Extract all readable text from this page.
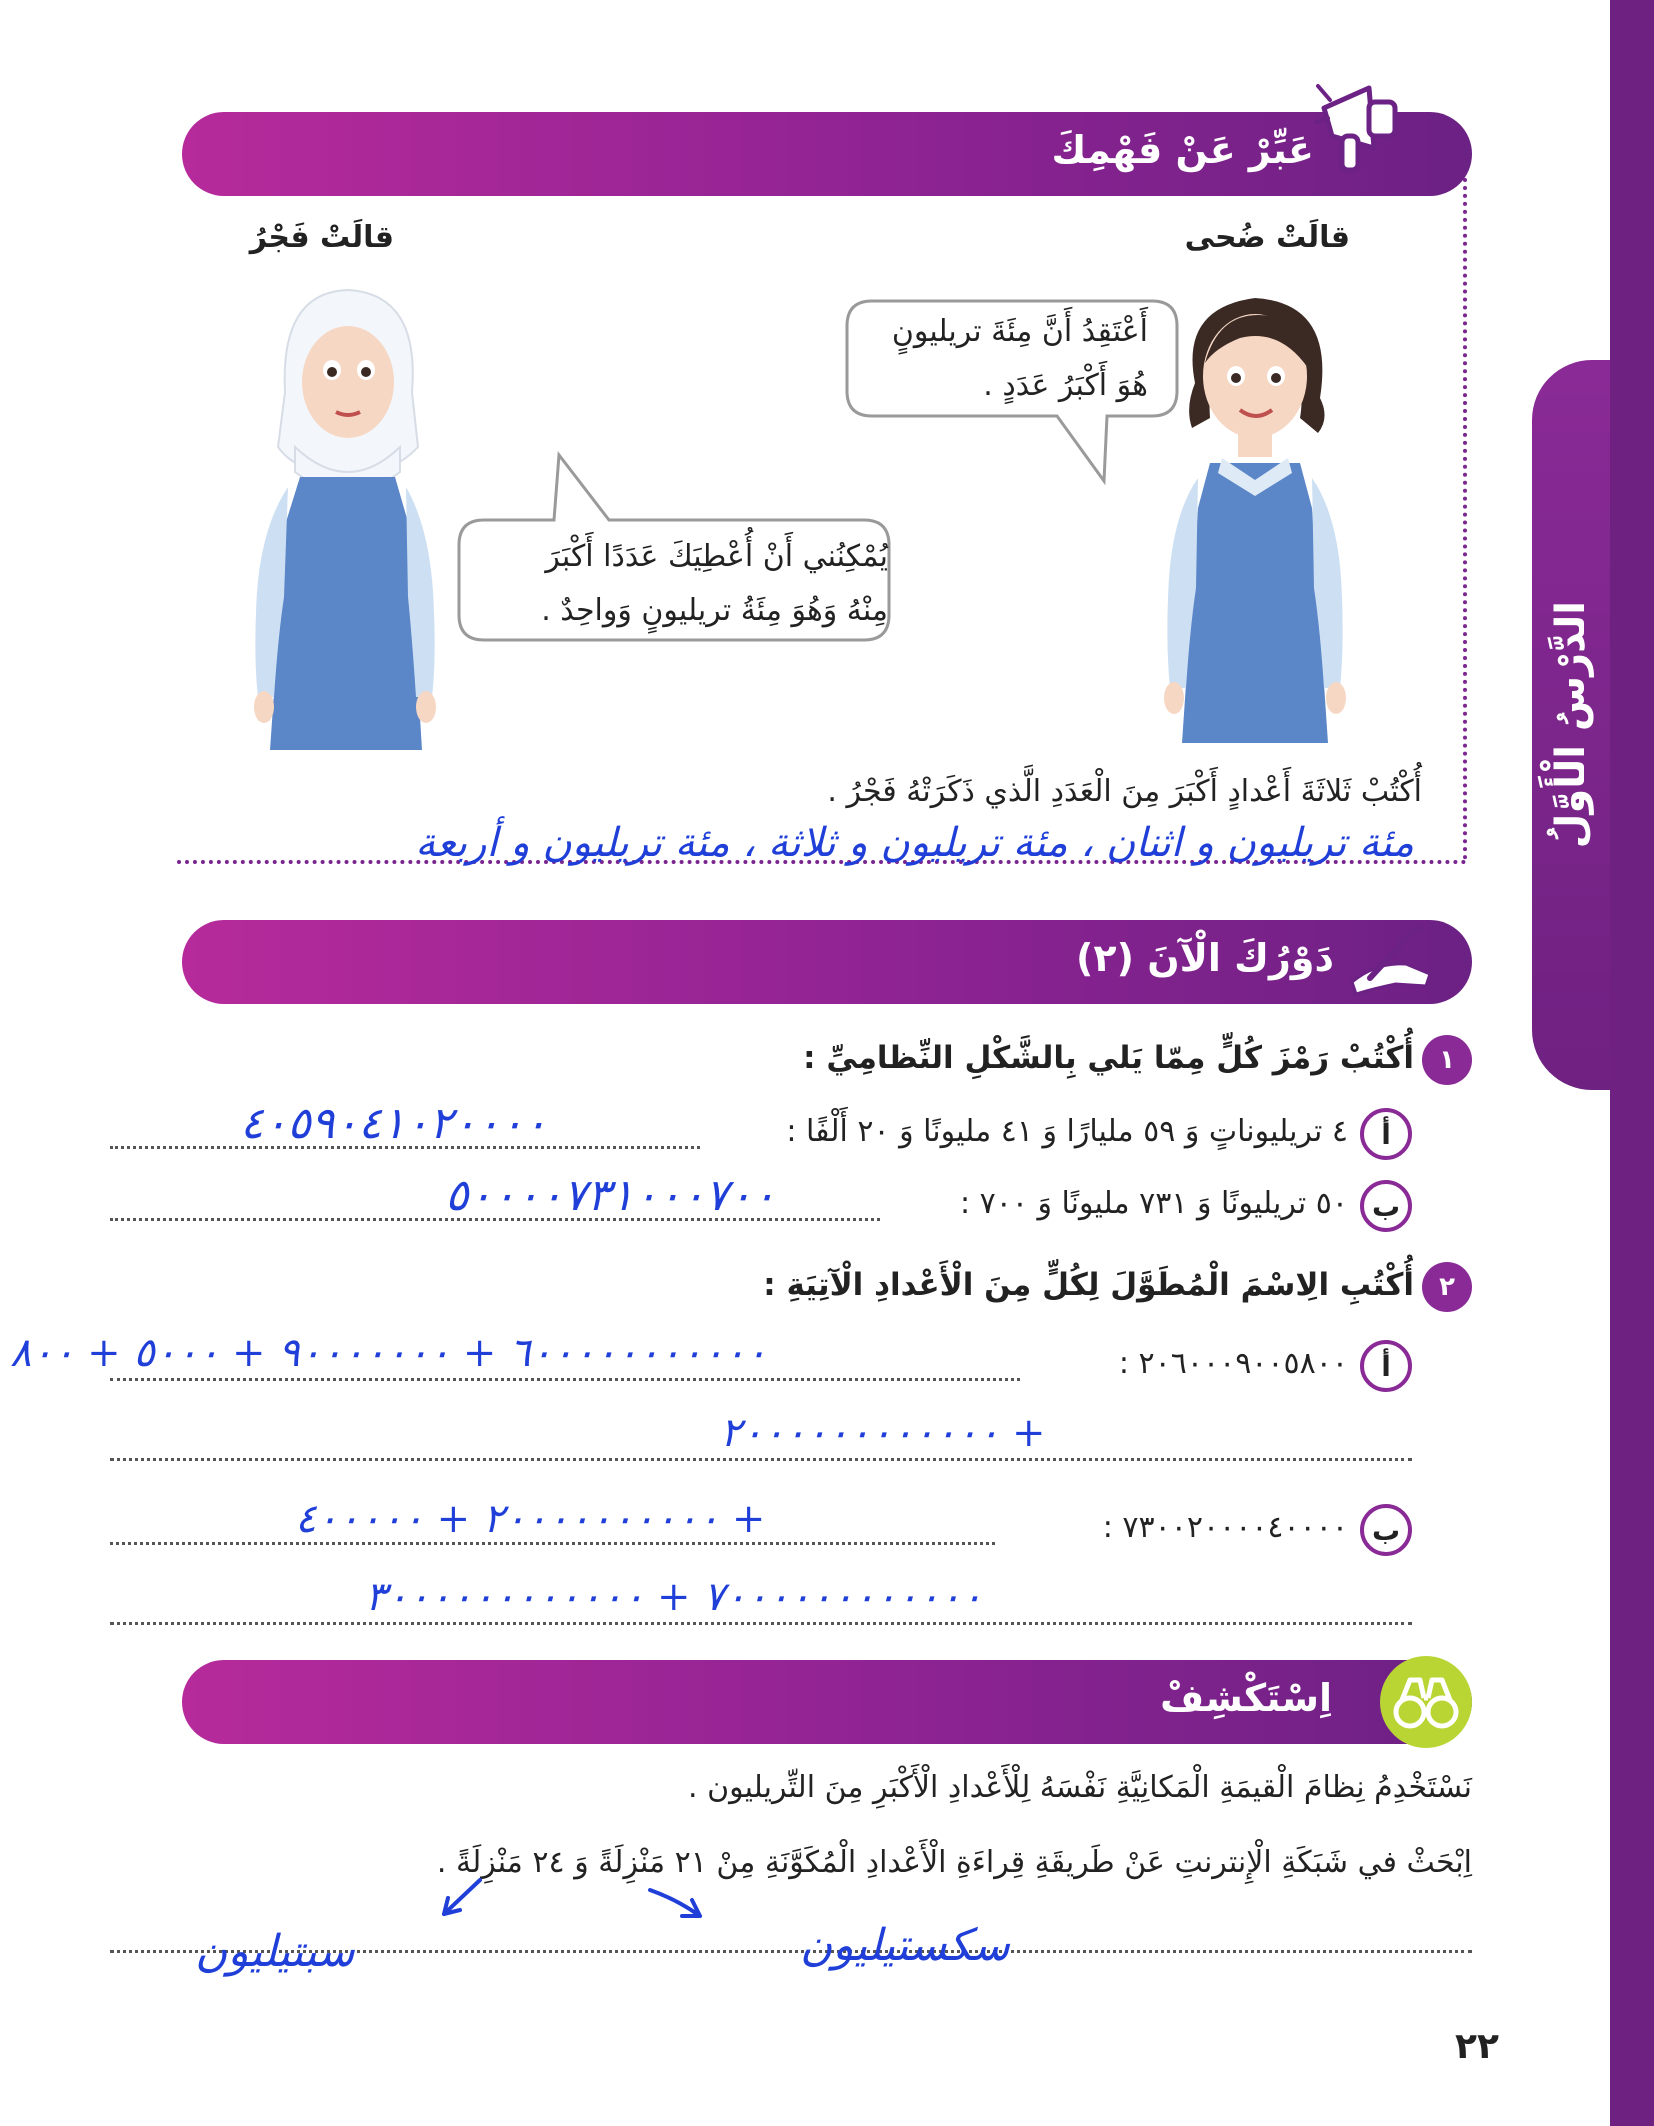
الدَّرْسُ الْأَوَّلُ
عَبِّرْ عَنْ فَهْمِكَ
قالَتْ ضُحى
أَعْتَقِدُ أَنَّ مِئَةَ تريليونٍ
هُوَ أَكْبَرُ عَدَدٍ .
قالَتْ فَجْرُ
يُمْكِنُني أَنْ أُعْطِيَكَ عَدَدًا أَكْبَرَ
مِنْهُ وَهُوَ مِئَةُ تريليونٍ وَواحِدٌ .
أُكْتُبْ ثَلاثَةَ أَعْدادٍ أَكْبَرَ مِنَ الْعَدَدِ الَّذي ذَكَرَتْهُ فَجْرُ .
مئة تريليون و اثنان ، مئة تريليون و ثلاثة ، مئة تريليون و أربعة
دَوْرُكَ الْآنَ (٢)
١
أُكْتُبْ رَمْزَ كُلٍّ مِمّا يَلي بِالشَّكْلِ النِّظامِيِّ :
أ
٤ تريليوناتٍ وَ ٥٩ مليارًا وَ ٤١ مليونًا وَ ٢٠ أَلْفًا :
٤٠٥٩٠٤١٠٢٠٠٠٠
ب
٥٠ تريليونًا وَ ٧٣١ مليونًا وَ ٧٠٠ :
٥٠٠٠٠٧٣١٠٠٠٧٠٠
٢
أُكْتُبِ الِاسْمَ الْمُطَوَّلَ لِكُلٍّ مِنَ الْأَعْدادِ الْآتِيَةِ :
أ
٢٠٦٠٠٠٩٠٠٥٨٠٠ :
٦٠٠٠٠٠٠٠٠٠٠٠ + ٩٠٠٠٠٠٠٠ + ٥٠٠٠ + ٨٠٠
+ ٢٠٠٠٠٠٠٠٠٠٠٠٠
ب
٧٣٠٠٢٠٠٠٠٤٠٠٠٠ :
+ ٢٠٠٠٠٠٠٠٠٠٠ + ٤٠٠٠٠٠
٧٠٠٠٠٠٠٠٠٠٠٠٠ + ٣٠٠٠٠٠٠٠٠٠٠٠٠
اِسْتَكْشِفْ
نَسْتَخْدِمُ نِظامَ الْقيمَةِ الْمَكانِيَّةِ نَفْسَهُ لِلْأَعْدادِ الْأَكْبَرِ مِنَ التِّريليون .
اِبْحَثْ في شَبَكَةِ الْإِنترنتِ عَنْ طَريقَةِ قِراءَةِ الْأَعْدادِ الْمُكَوَّنَةِ مِنْ ٢١ مَنْزِلَةً وَ ٢٤ مَنْزِلَةً .
سكستيليون
سبتيليون
٢٢
